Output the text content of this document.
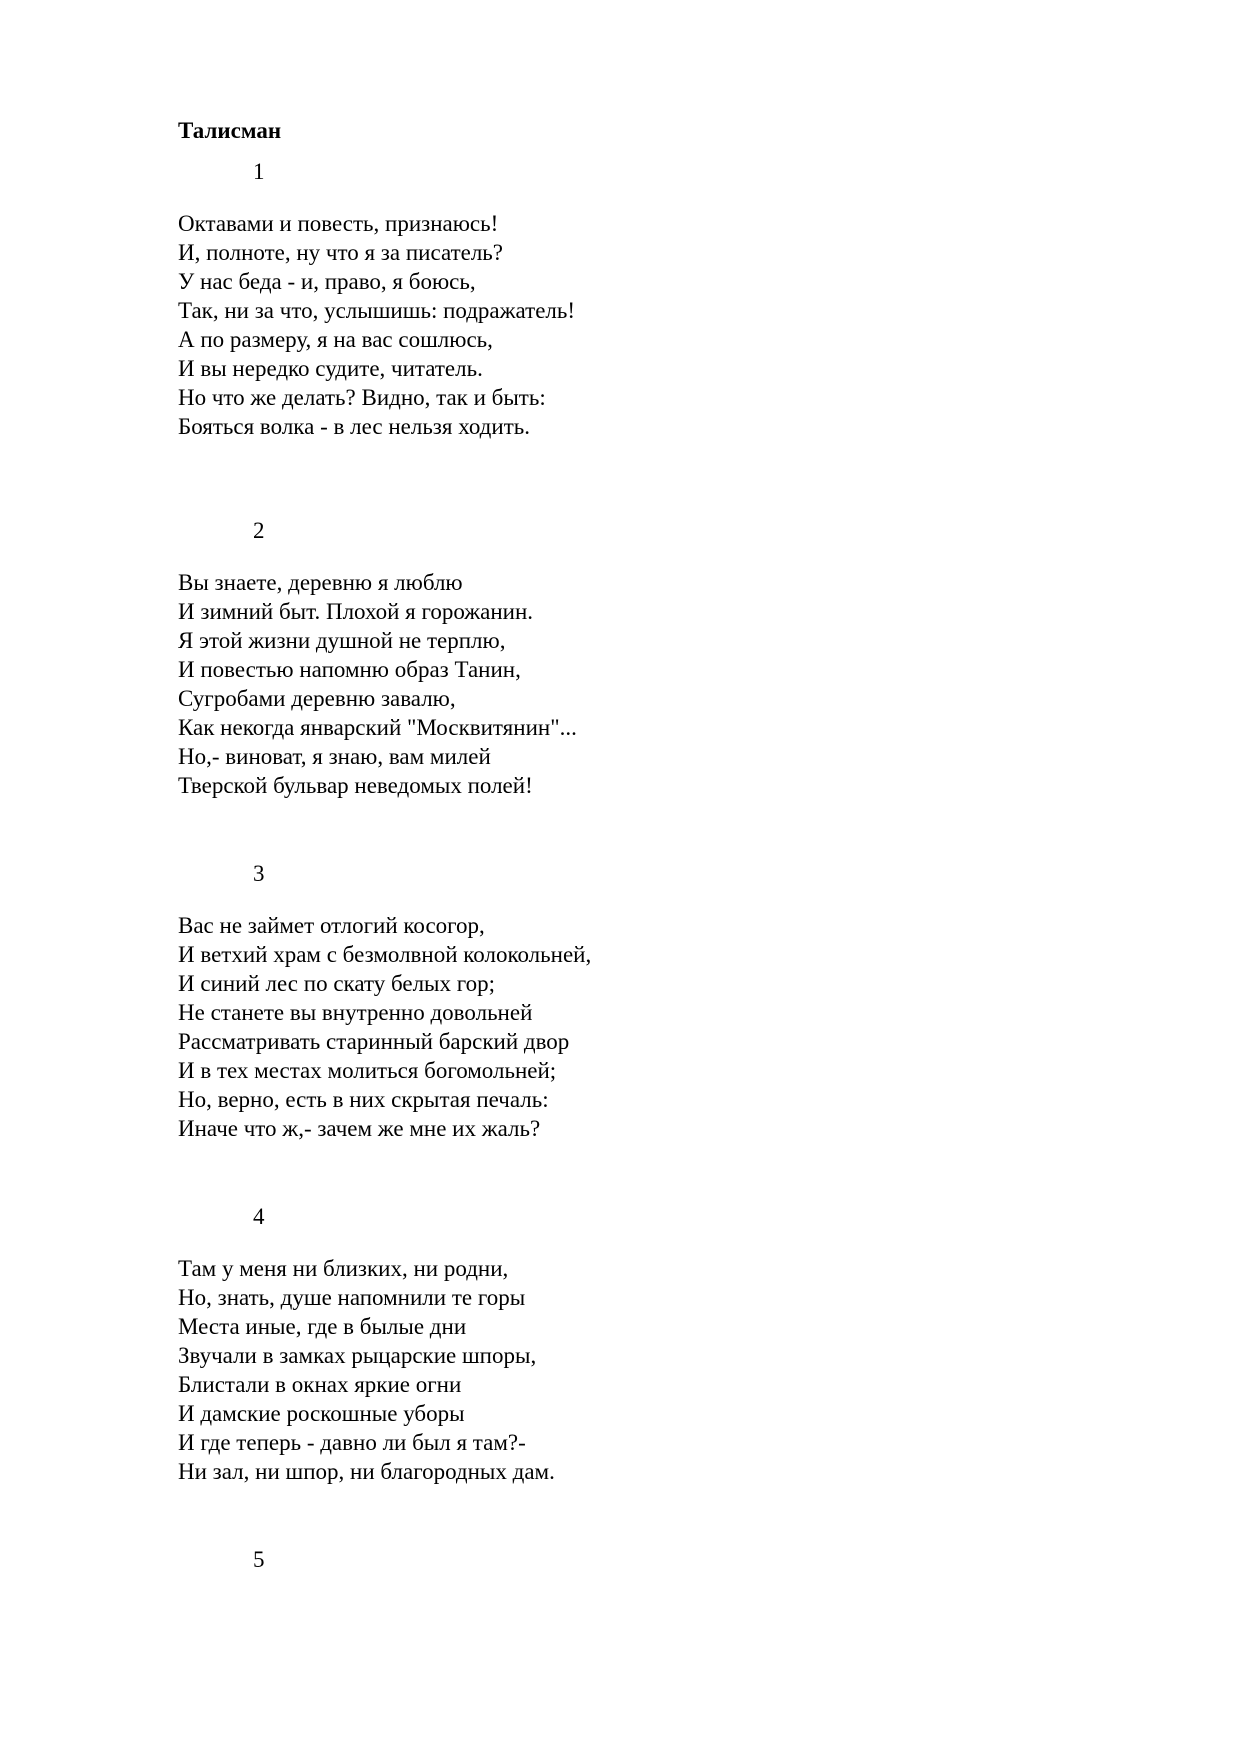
Талисман
1
Октавами и повесть, признаюсь!
И, полноте, ну что я за писатель?
У нас беда - и, право, я боюсь,
Так, ни за что, услышишь: подражатель!
А по размеру, я на вас сошлюсь,
И вы нередко судите, читатель.
Но что же делать? Видно, так и быть:
Бояться волка - в лес нельзя ходить.
2
Вы знаете, деревню я люблю
И зимний быт. Плохой я горожанин.
Я этой жизни душной не терплю,
И повестью напомню образ Танин,
Сугробами деревню завалю,
Как некогда январский "Москвитянин"...
Но,- виноват, я знаю, вам милей
Тверской бульвар неведомых полей!
3
Вас не займет отлогий косогор,
И ветхий храм с безмолвной колокольней,
И синий лес по скату белых гор;
Не станете вы внутренно довольней
Рассматривать старинный барский двор
И в тех местах молиться богомольней;
Но, верно, есть в них скрытая печаль:
Иначе что ж,- зачем же мне их жаль?
4
Там у меня ни близких, ни родни,
Но, знать, душе напомнили те горы
Места иные, где в былые дни
Звучали в замках рыцарские шпоры,
Блистали в окнах яркие огни
И дамские роскошные уборы
И где теперь - давно ли был я там?-
Ни зал, ни шпор, ни благородных дам.
5
